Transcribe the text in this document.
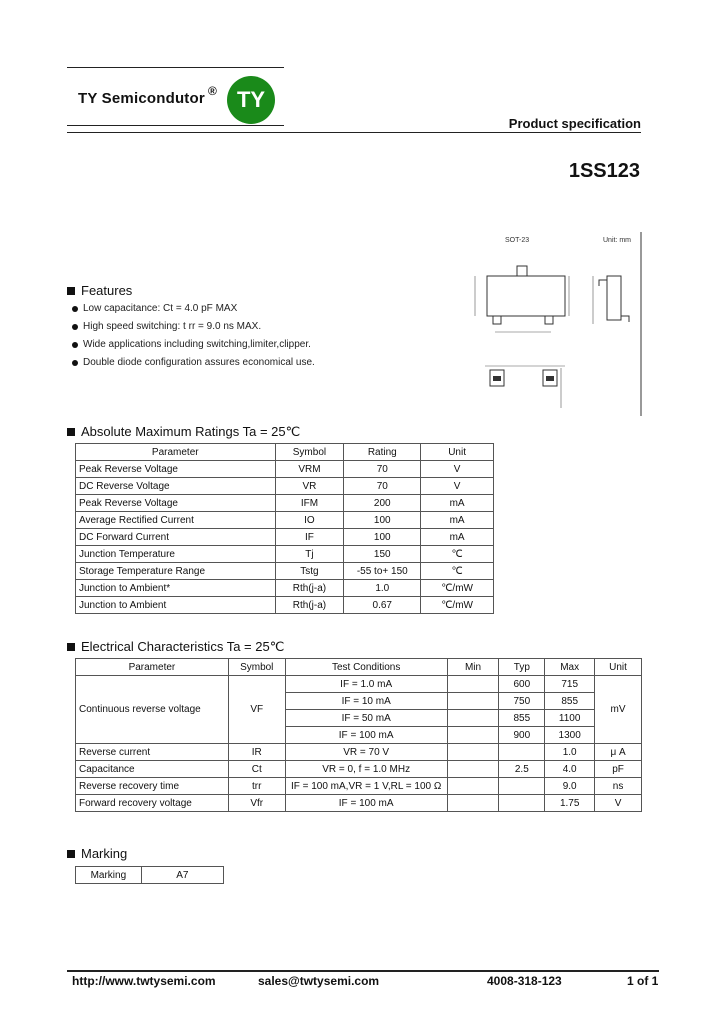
TY Semicondutor ® TY
Product specification
1SS123
SOT-23	Unit: mm
Features
Low capacitance: Ct = 4.0 pF MAX
High speed switching: t rr = 9.0 ns MAX.
Wide applications including switching,limiter,clipper.
Double diode configuration assures economical use.
Absolute Maximum Ratings Ta = 25℃
Parameter	Symbol	Rating	Unit
Peak Reverse Voltage	VRM	70	V
DC Reverse Voltage	VR	70	V
Peak Reverse Voltage	IFM	200	mA
Average Rectified Current	IO	100	mA
DC Forward Current	IF	100	mA
Junction Temperature	Tj	150	℃
Storage Temperature Range	Tstg	-55 to+ 150	℃
Junction to Ambient*	Rth(j-a)	1.0	℃/mW
Junction to Ambient	Rth(j-a)	0.67	℃/mW
Electrical Characteristics Ta = 25℃
Parameter	Symbol	Test Conditions	Min	Typ	Max	Unit
Continuous reverse voltage	VF	IF = 1.0 mA		600	715	mV
		IF = 10 mA		750	855	
		IF = 50 mA		855	1100	
		IF = 100 mA		900	1300	
Reverse current	IR	VR = 70 V			1.0	μ A
Capacitance	Ct	VR = 0, f = 1.0 MHz		2.5	4.0	pF
Reverse recovery time	trr	IF = 100 mA,VR = 1 V,RL = 100 Ω			9.0	ns
Forward recovery voltage	Vfr	IF = 100 mA			1.75	V
Marking
Marking	A7
http://www.twtysemi.com	sales@twtysemi.com	4008-318-123	1 of 1
